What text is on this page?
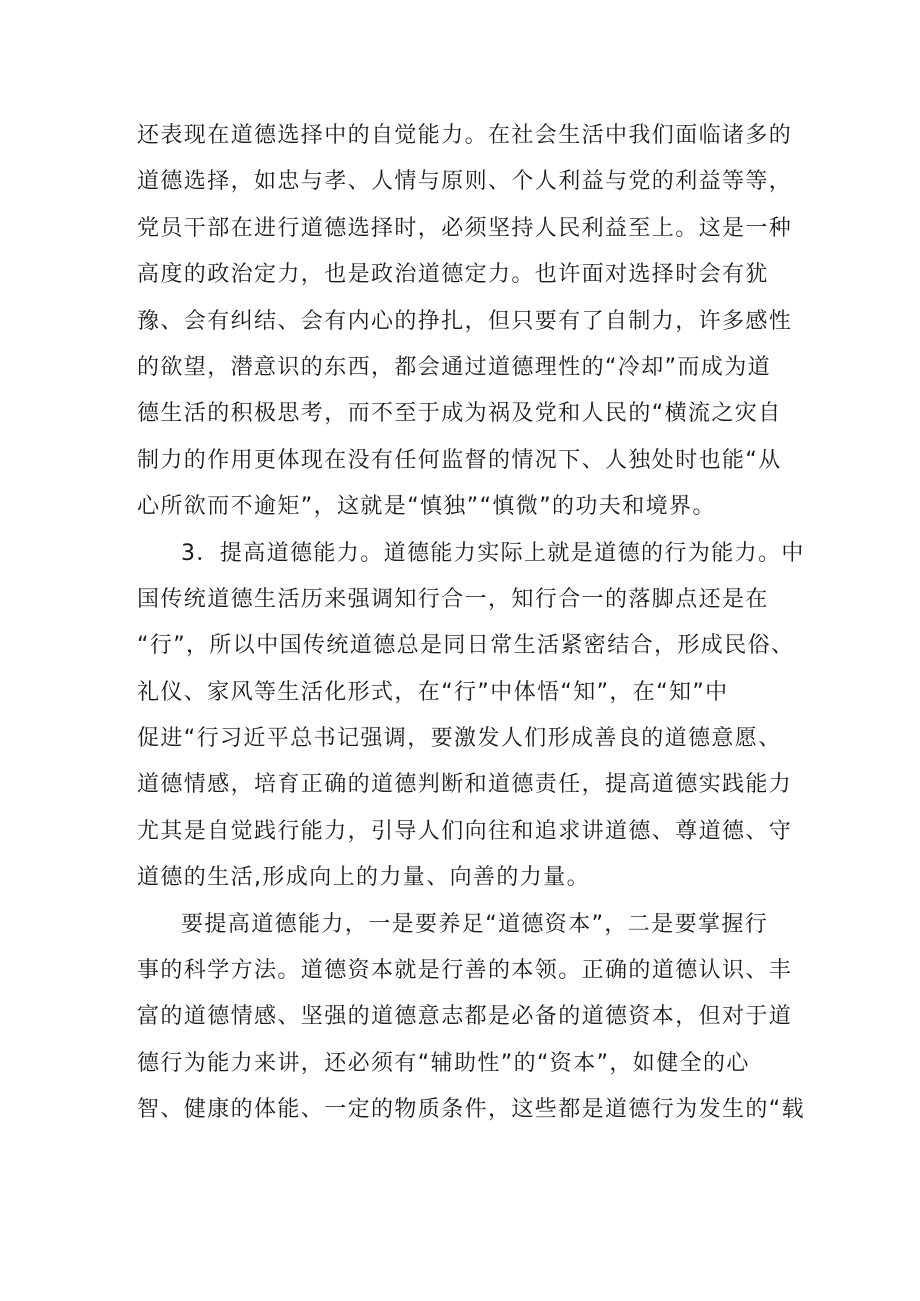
还表现在道德选择中的自觉能力。在社会生活中我们面临诸多的
道德选择，如忠与孝、人情与原则、个人利益与党的利益等等，
党员干部在进行道德选择时，必须坚持人民利益至上。这是一种
高度的政治定力，也是政治道德定力。也许面对选择时会有犹
豫、会有纠结、会有内心的挣扎，但只要有了自制力，许多感性
的欲望，潜意识的东西，都会通过道德理性的“冷却”而成为道
德生活的积极思考，而不至于成为祸及党和人民的“横流之灾自
制力的作用更体现在没有任何监督的情况下、人独处时也能“从
心所欲而不逾矩”，这就是“慎独”“慎微”的功夫和境界。
3．提高道德能力。道德能力实际上就是道德的行为能力。中
国传统道德生活历来强调知行合一，知行合一的落脚点还是在
“行”，所以中国传统道德总是同日常生活紧密结合，形成民俗、
礼仪、家风等生活化形式，在“行”中体悟“知”，在“知”中
促进“行习近平总书记强调，要激发人们形成善良的道德意愿、
道德情感，培育正确的道德判断和道德责任，提高道德实践能力
尤其是自觉践行能力，引导人们向往和追求讲道德、尊道德、守
道德的生活,形成向上的力量、向善的力量。
要提高道德能力，一是要养足“道德资本”，二是要掌握行
事的科学方法。道德资本就是行善的本领。正确的道德认识、丰
富的道德情感、坚强的道德意志都是必备的道德资本，但对于道
德行为能力来讲，还必须有“辅助性”的“资本”，如健全的心
智、健康的体能、一定的物质条件，这些都是道德行为发生的“载
